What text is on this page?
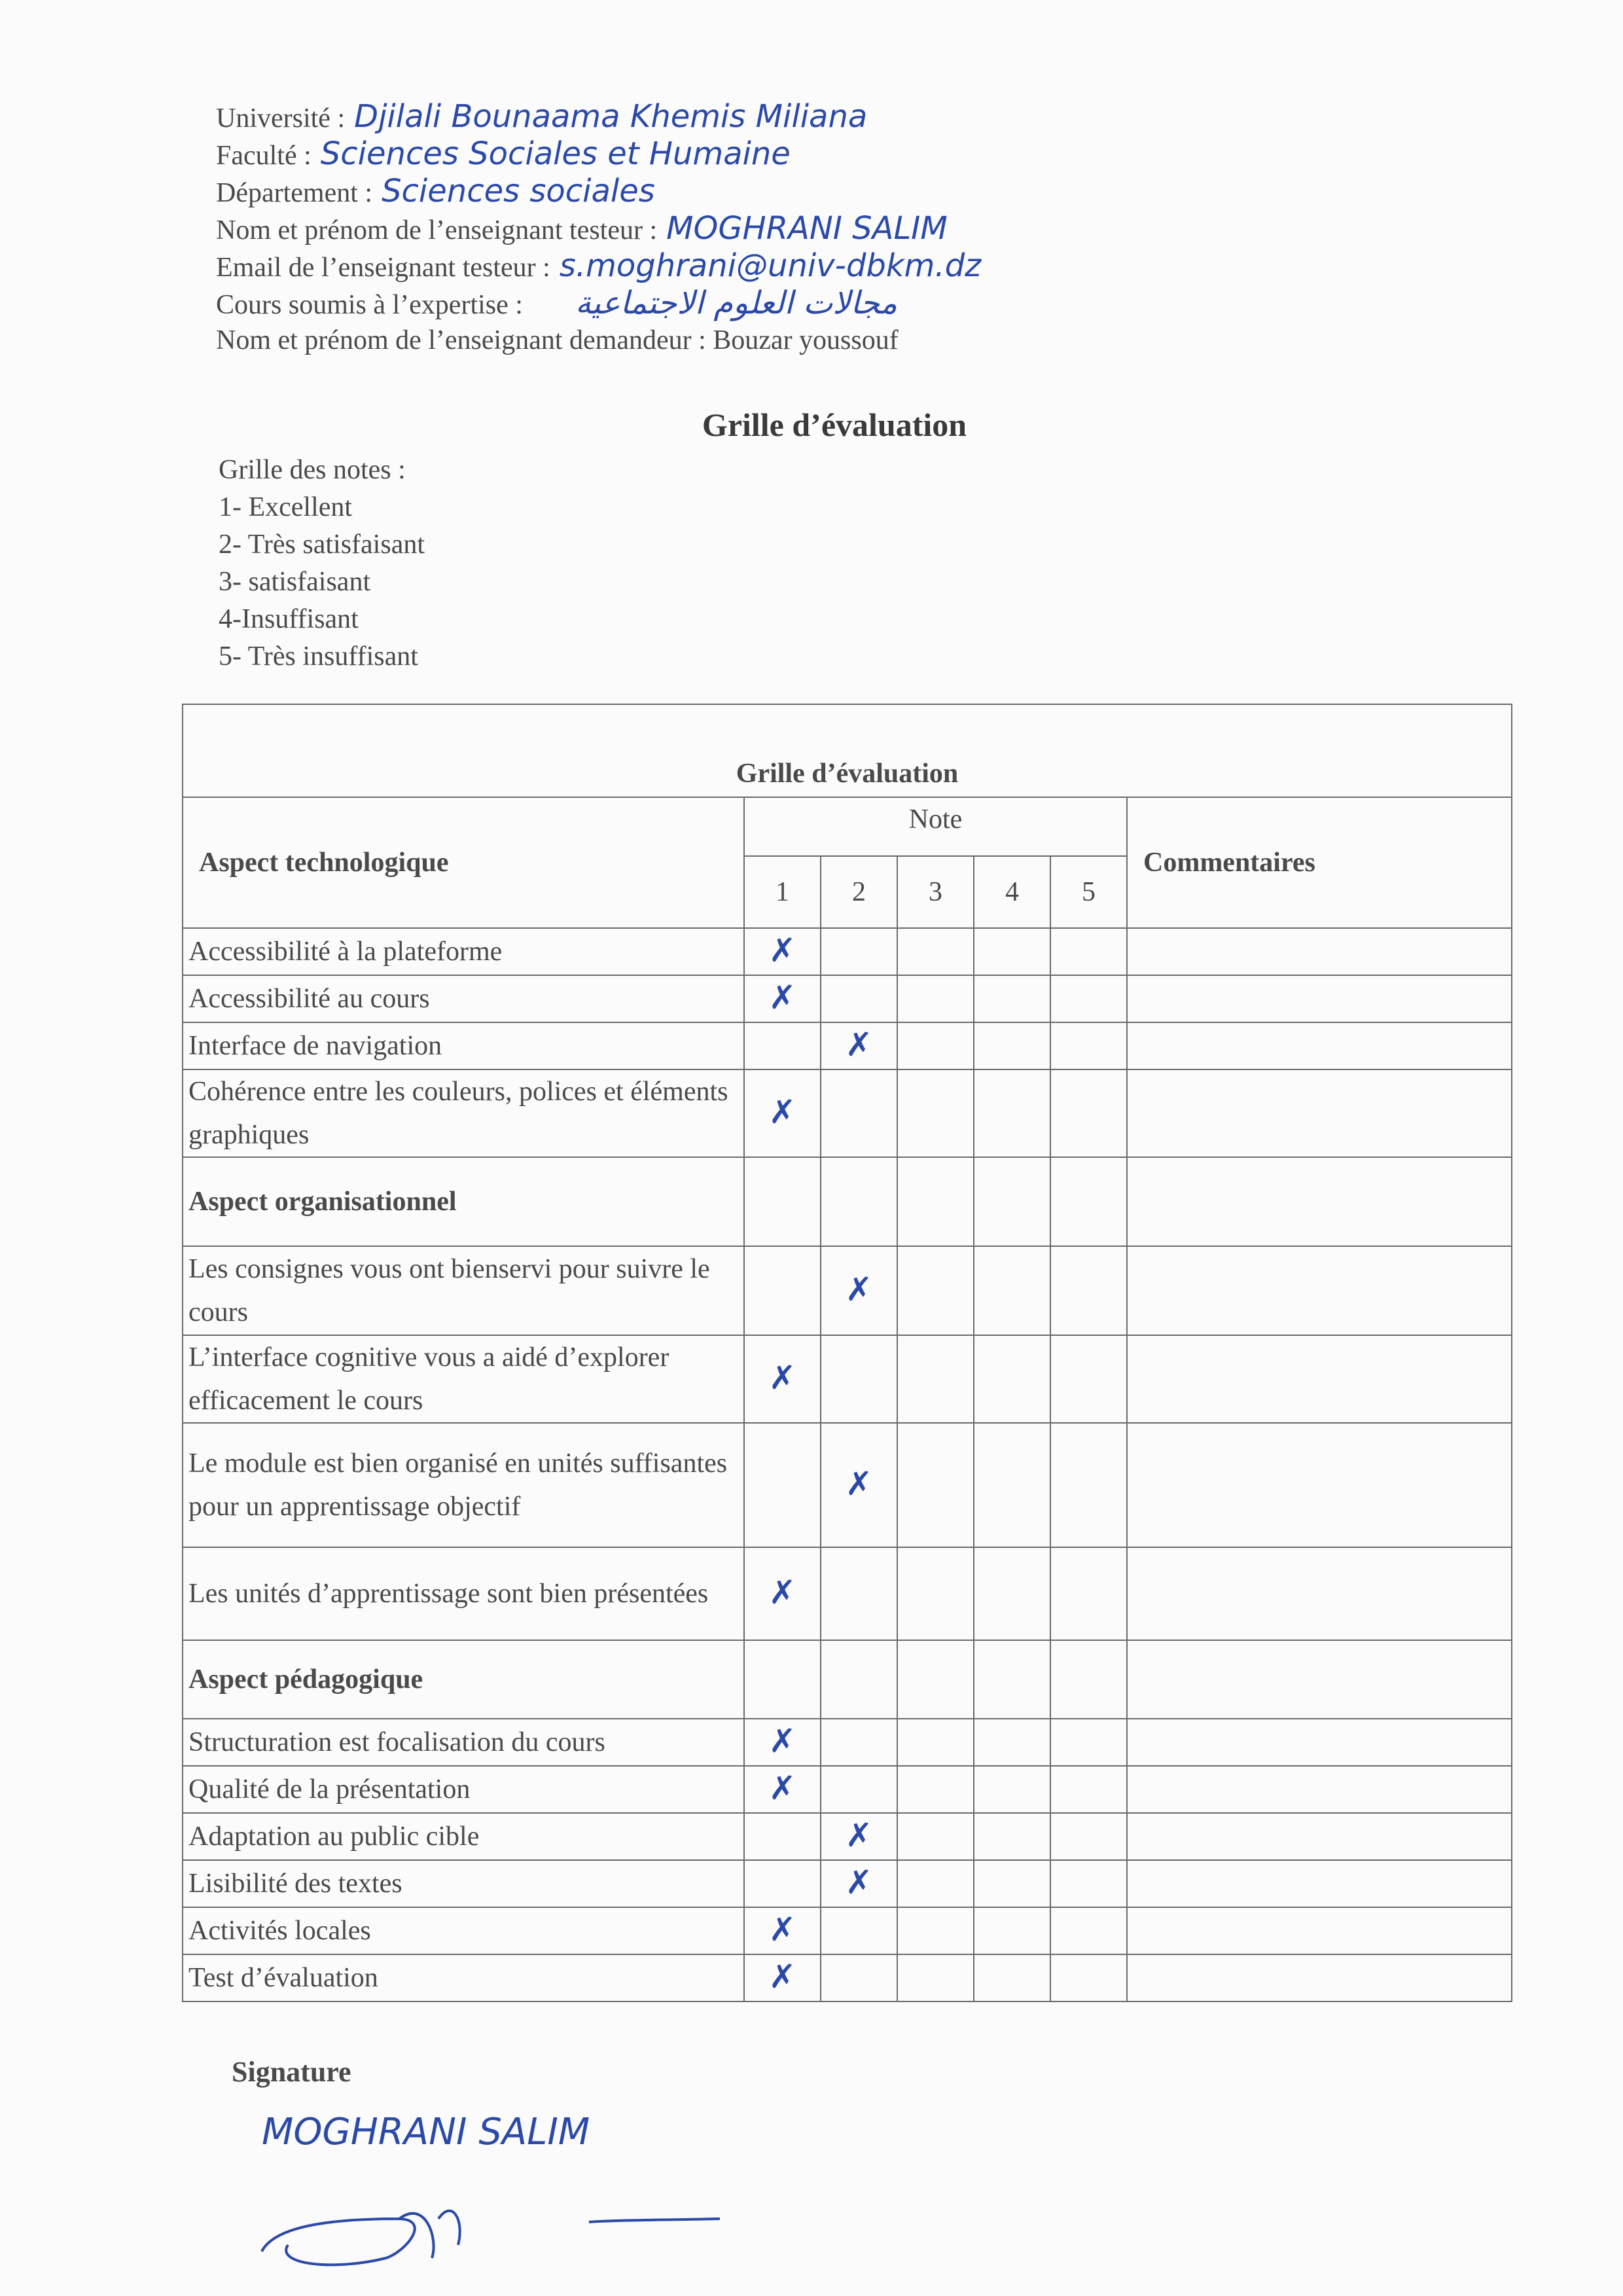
Université : Djilali Bounaama Khemis Miliana
Faculté : Sciences Sociales et Humaine
Département : Sciences sociales
Nom et prénom de l’enseignant testeur : MOGHRANI SALIM
Email de l’enseignant testeur : s.moghrani@univ-dbkm.dz
Cours soumis à l’expertise : مجالات العلوم الاجتماعية
Nom et prénom de l’enseignant demandeur : Bouzar youssouf
Grille d’évaluation
Grille des notes :
1- Excellent
2- Très satisfaisant
3- satisfaisant
4-Insuffisant
5- Très insuffisant
Grille d’évaluation						
Aspect technologique	Note					Commentaires
	1	2	3	4	5	
Accessibilité à la plateforme	✗					
Accessibilité au cours	✗					
Interface de navigation		✗				
Cohérence entre les couleurs, polices et éléments graphiques	✗					
Aspect organisationnel						
Les consignes vous ont bienservi pour suivre le cours		✗				
L’interface cognitive vous a aidé d’explorer efficacement le cours	✗					
Le module est bien organisé en unités suffisantes pour un apprentissage objectif		✗				
Les unités d’apprentissage sont bien présentées	✗					
Aspect pédagogique						
Structuration est focalisation du cours	✗					
Qualité de la présentation	✗					
Adaptation au public cible		✗				
Lisibilité des textes		✗				
Activités locales	✗					
Test d’évaluation	✗					
Signature
MOGHRANI SALIM
